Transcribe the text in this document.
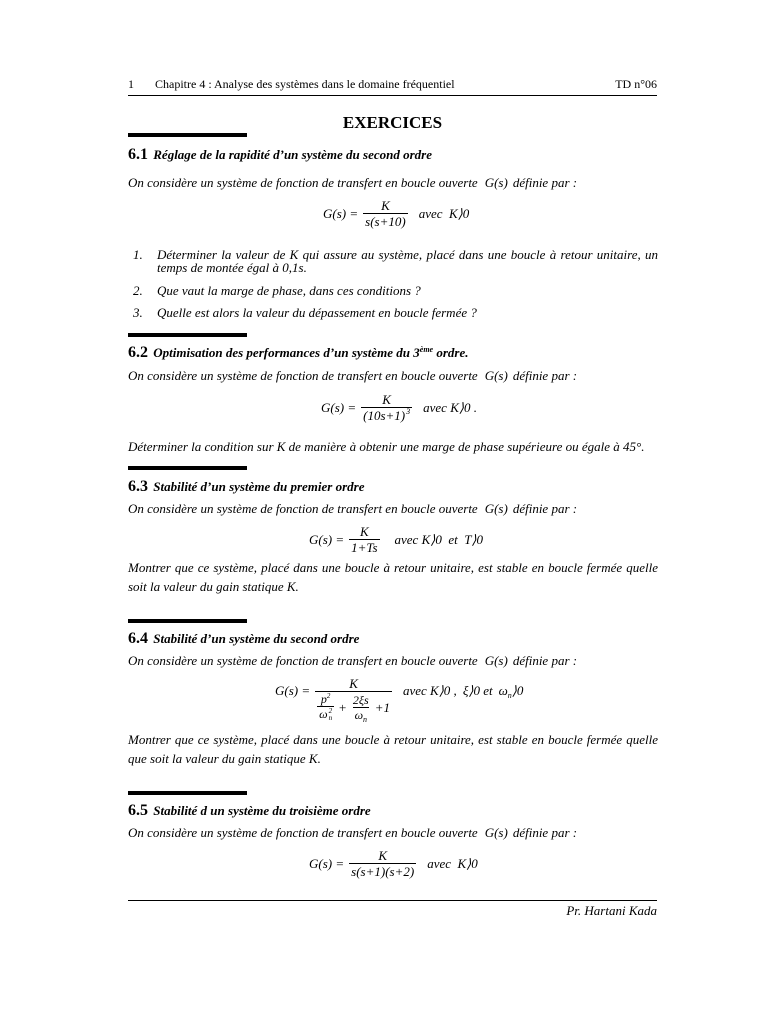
1 Chapitre 4 : Analyse des systèmes dans le domaine fréquentiel	TD n°06
EXERCICES
6.1 Réglage de la rapidité d’un système du second ordre
On considère un système de fonction de transfert en boucle ouverte G(s) définie par :
$G(s) = \frac{K}{s(s+10)}$ avec  K⟩0
1. Déterminer la valeur de K qui assure au système, placé dans une boucle à retour unitaire, un
temps de montée égal à 0,1s.
2. Que vaut la marge de phase, dans ces conditions ?
3. Quelle est alors la valeur du dépassement en boucle fermée ?
6.2 Optimisation des performances d’un système du 3ème ordre.
On considère un système de fonction de transfert en boucle ouverte G(s) définie par :
$G(s) = \frac{K}{(10s+1)^3}$ avec K⟩0 .
Déterminer la condition sur K de manière à obtenir une marge de phase supérieure ou égale à 45°.
6.3 Stabilité d’un système du premier ordre
On considère un système de fonction de transfert en boucle ouverte G(s) définie par :
$G(s) = \frac{K}{1+Ts}$ avec K⟩0  et  T⟩0
Montrer que ce système, placé dans une boucle à retour unitaire, est stable en boucle fermée quelle
soit la valeur du gain statique K.
6.4 Stabilité d’un système du second ordre
On considère un système de fonction de transfert en boucle ouverte G(s) définie par :
G(s) =	K
$p^2$
ω 2
$n + \frac{2\xi s}{\omega_n} +1$
avec K⟩0 , ξ⟩0 et $\omega_n⟩0$
Montrer que ce système, placé dans une boucle à retour unitaire, est stable en boucle fermée quelle
que soit la valeur du gain statique K.
6.5 Stabilité d un système du troisième ordre
On considère un système de fonction de transfert en boucle ouverte G(s) définie par :
$G(s) = \frac{K}{s(s+1)(s+2)}$ avec  K⟩0
Pr. Hartani Kada
